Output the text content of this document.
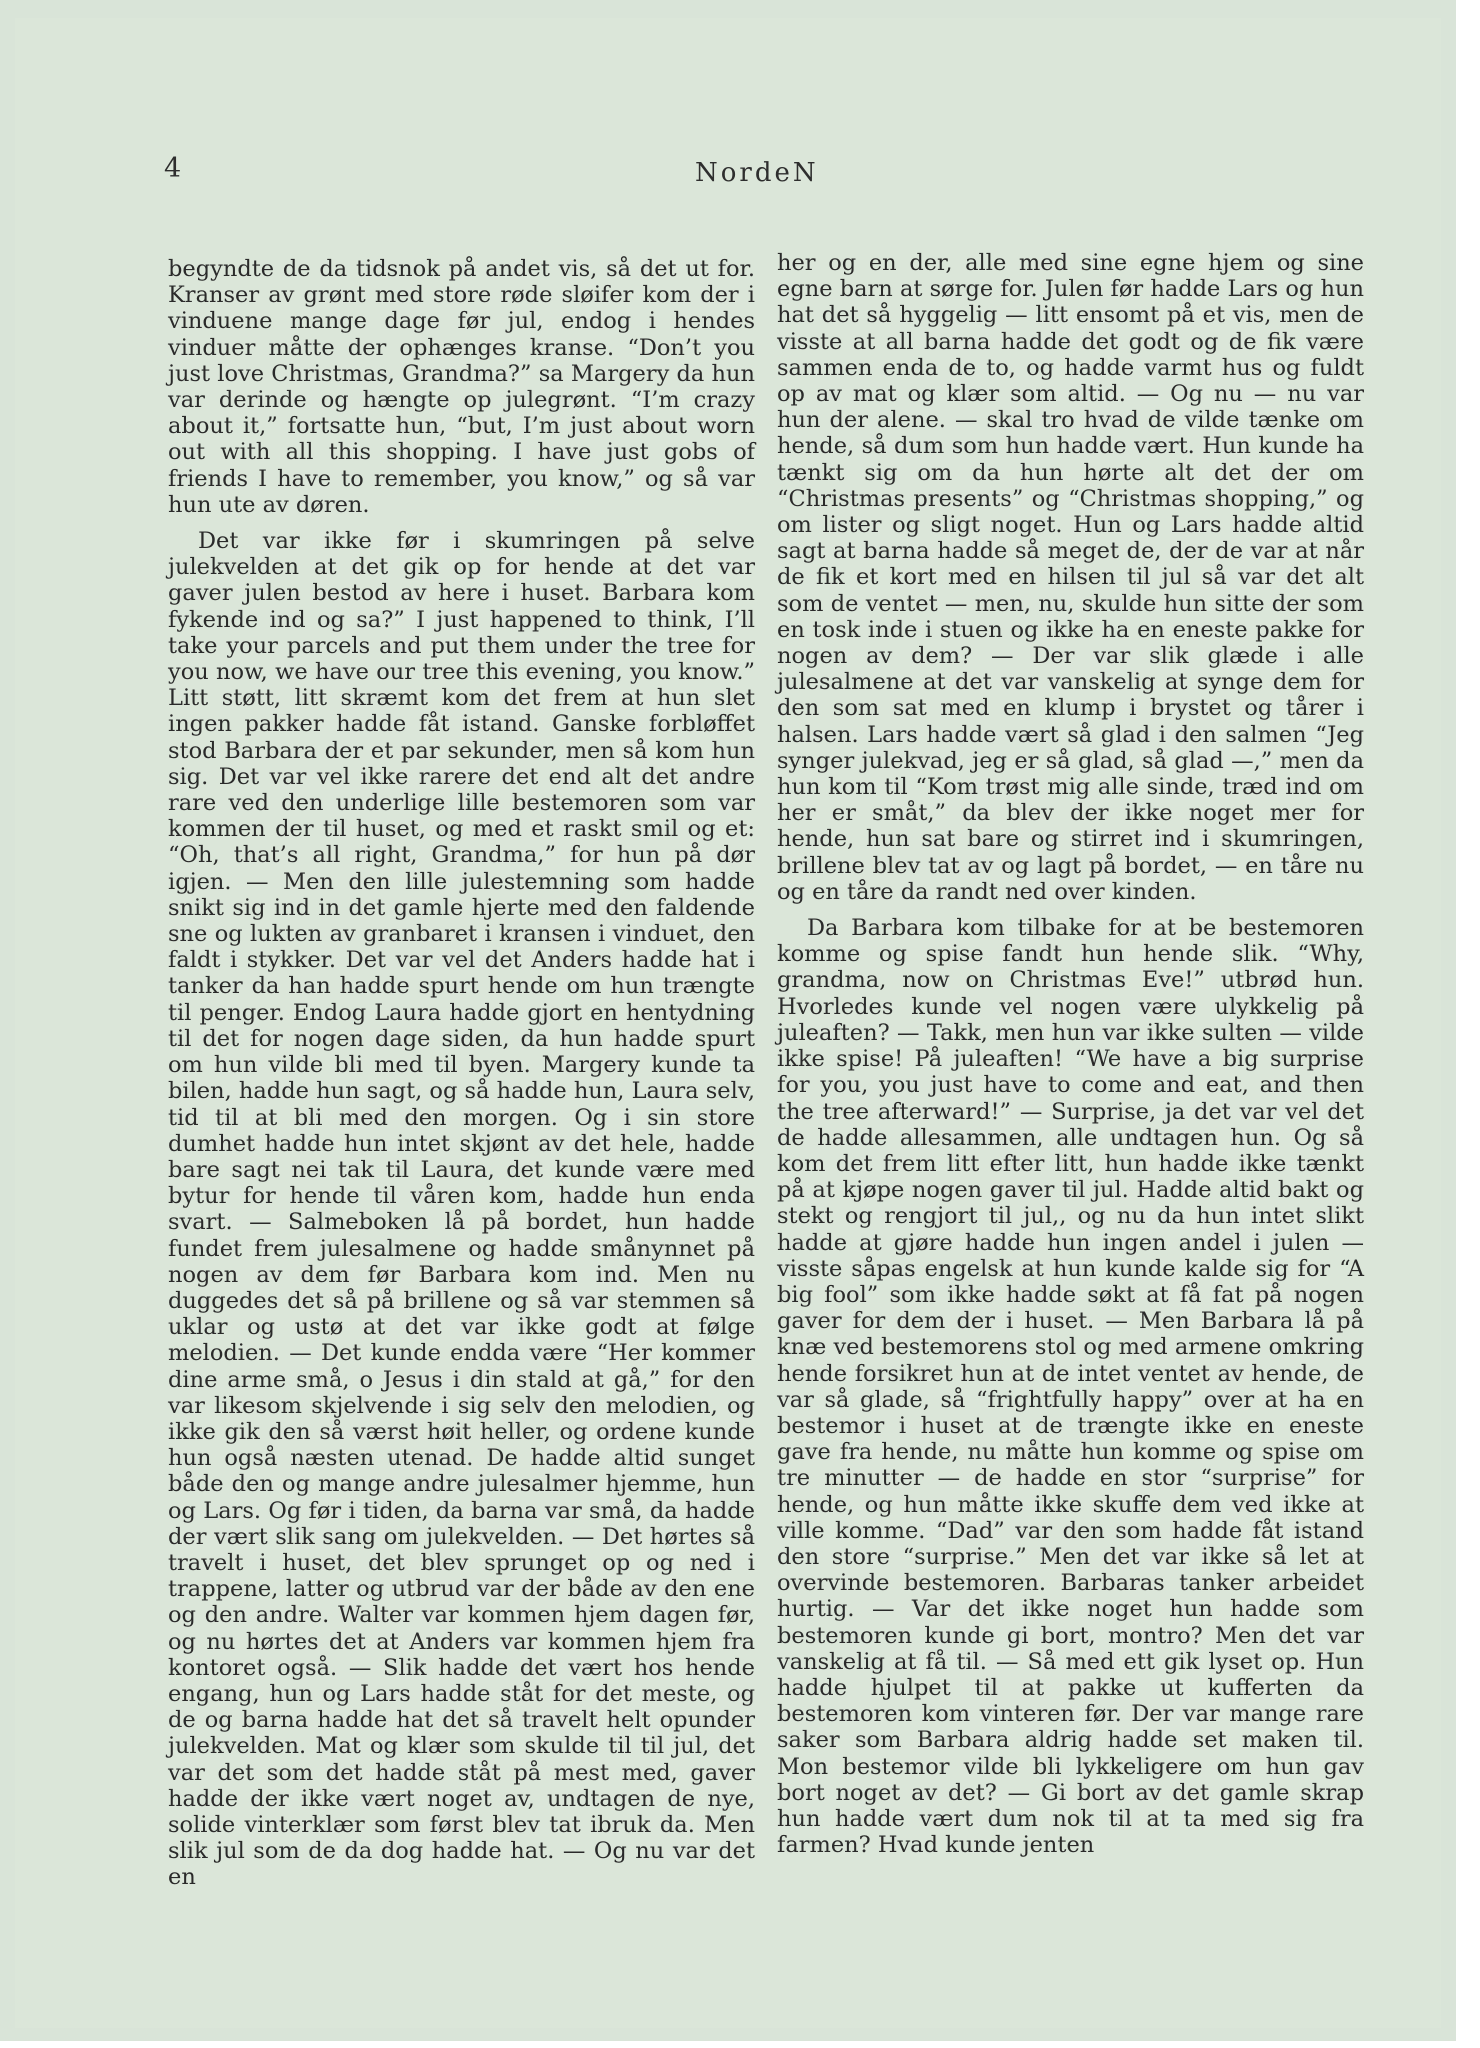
4	NordeN

begyndte de da tidsnok på andet vis, så det ut for. Kranser av grønt med store røde sløifer kom der i vinduene mange dage før jul, endog i hendes vinduer måtte der ophænges kranse. “Don’t you just love Christmas, Grandma?” sa Margery da hun var derinde og hængte op julegrønt. “I’m crazy about it,” fortsatte hun, “but, I’m just about worn out with all this shopping. I have just gobs of friends I have to remember, you know,” og så var hun ute av døren.

Det var ikke før i skumringen på selve julekvelden at det gik op for hende at det var gaver julen bestod av here i huset. Barbara kom fykende ind og sa?” I just happened to think, I’ll take your parcels and put them under the tree for you now, we have our tree this evening, you know.” Litt støtt, litt skræmt kom det frem at hun slet ingen pakker hadde fåt istand. Ganske forbløffet stod Barbara der et par sekunder, men så kom hun sig. Det var vel ikke rarere det end alt det andre rare ved den underlige lille bestemoren som var kommen der til huset, og med et raskt smil og et: “Oh, that’s all right, Grandma,” for hun på dør igjen. — Men den lille julestemning som hadde snikt sig ind in det gamle hjerte med den faldende sne og lukten av granbaret i kransen i vinduet, den faldt i stykker. Det var vel det Anders hadde hat i tanker da han hadde spurt hende om hun trængte til penger. Endog Laura hadde gjort en hentydning til det for nogen dage siden, da hun hadde spurt om hun vilde bli med til byen. Margery kunde ta bilen, hadde hun sagt, og så hadde hun, Laura selv, tid til at bli med den morgen. Og i sin store dumhet hadde hun intet skjønt av det hele, hadde bare sagt nei tak til Laura, det kunde være med bytur for hende til våren kom, hadde hun enda svart. — Salmeboken lå på bordet, hun hadde fundet frem julesalmene og hadde smånynnet på nogen av dem før Barbara kom ind. Men nu duggedes det så på brillene og så var stemmen så uklar og ustø at det var ikke godt at følge melodien. — Det kunde endda være “Her kommer dine arme små, o Jesus i din stald at gå,” for den var likesom skjelvende i sig selv den melodien, og ikke gik den så værst høit heller, og ordene kunde hun også næsten utenad. De hadde altid sunget både den og mange andre julesalmer hjemme, hun og Lars. Og før i tiden, da barna var små, da hadde der vært slik sang om julekvelden. — Det hørtes så travelt i huset, det blev sprunget op og ned i trappene, latter og utbrud var der både av den ene og den andre. Walter var kommen hjem dagen før, og nu hørtes det at Anders var kommen hjem fra kontoret også. — Slik hadde det vært hos hende engang, hun og Lars hadde ståt for det meste, og de og barna hadde hat det så travelt helt opunder julekvelden. Mat og klær som skulde til til jul, det var det som det hadde ståt på mest med, gaver hadde der ikke vært noget av, undtagen de nye, solide vinterklær som først blev tat ibruk da. Men slik jul som de da dog hadde hat. — Og nu var det en

her og en der, alle med sine egne hjem og sine egne barn at sørge for. Julen før hadde Lars og hun hat det så hyggelig — litt ensomt på et vis, men de visste at all barna hadde det godt og de fik være sammen enda de to, og hadde varmt hus og fuldt op av mat og klær som altid. — Og nu — nu var hun der alene. — skal tro hvad de vilde tænke om hende, så dum som hun hadde vært. Hun kunde ha tænkt sig om da hun hørte alt det der om “Christmas presents” og “Christmas shopping,” og om lister og sligt noget. Hun og Lars hadde altid sagt at barna hadde så meget de, der de var at når de fik et kort med en hilsen til jul så var det alt som de ventet — men, nu, skulde hun sitte der som en tosk inde i stuen og ikke ha en eneste pakke for nogen av dem? — Der var slik glæde i alle julesalmene at det var vanskelig at synge dem for den som sat med en klump i brystet og tårer i halsen. Lars hadde vært så glad i den salmen “Jeg synger julekvad, jeg er så glad, så glad —,” men da hun kom til “Kom trøst mig alle sinde, træd ind om her er småt,” da blev der ikke noget mer for hende, hun sat bare og stirret ind i skumringen, brillene blev tat av og lagt på bordet, — en tåre nu og en tåre da randt ned over kinden.

Da Barbara kom tilbake for at be bestemoren komme og spise fandt hun hende slik. “Why, grandma, now on Christmas Eve!” utbrød hun. Hvorledes kunde vel nogen være ulykkelig på juleaften? — Takk, men hun var ikke sulten — vilde ikke spise! På juleaften! “We have a big surprise for you, you just have to come and eat, and then the tree afterward!” — Surprise, ja det var vel det de hadde allesammen, alle undtagen hun. Og så kom det frem litt efter litt, hun hadde ikke tænkt på at kjøpe nogen gaver til jul. Hadde altid bakt og stekt og rengjort til jul,, og nu da hun intet slikt hadde at gjøre hadde hun ingen andel i julen — visste såpas engelsk at hun kunde kalde sig for “A big fool” som ikke hadde søkt at få fat på nogen gaver for dem der i huset. — Men Barbara lå på knæ ved bestemorens stol og med armene omkring hende forsikret hun at de intet ventet av hende, de var så glade, så “frightfully happy” over at ha en bestemor i huset at de trængte ikke en eneste gave fra hende, nu måtte hun komme og spise om tre minutter — de hadde en stor “surprise” for hende, og hun måtte ikke skuffe dem ved ikke at ville komme. “Dad” var den som hadde fåt istand den store “surprise.” Men det var ikke så let at overvinde bestemoren. Barbaras tanker arbeidet hurtig. — Var det ikke noget hun hadde som bestemoren kunde gi bort, montro? Men det var vanskelig at få til. — Så med ett gik lyset op. Hun hadde hjulpet til at pakke ut kufferten da bestemoren kom vinteren før. Der var mange rare saker som Barbara aldrig hadde set maken til. Mon bestemor vilde bli lykkeligere om hun gav bort noget av det? — Gi bort av det gamle skrap hun hadde vært dum nok til at ta med sig fra farmen? Hvad kunde jenten
